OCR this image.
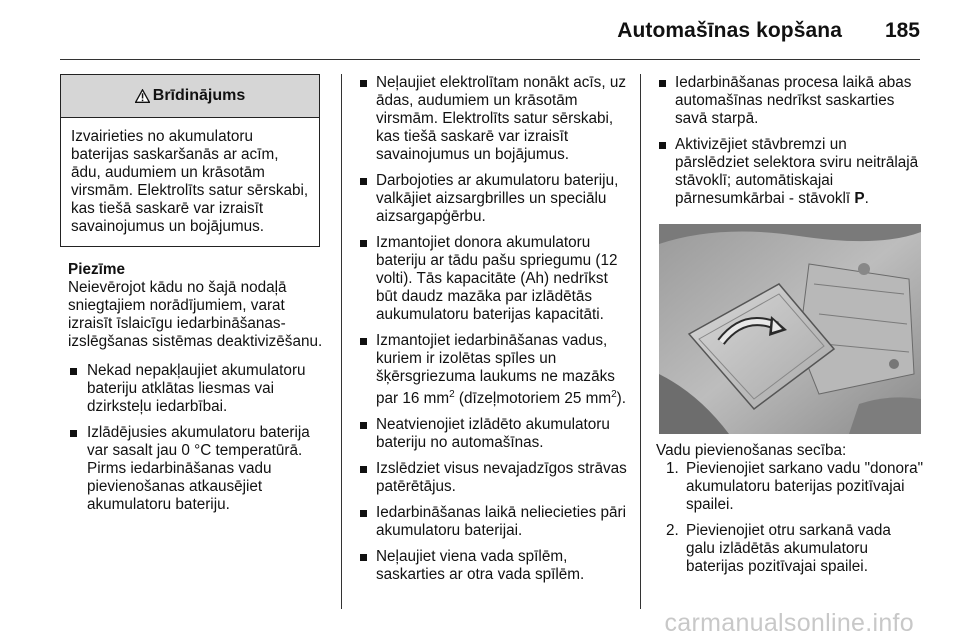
Automašīnas kopšana 185
Brīdinājums
Izvairieties no akumulatoru baterijas saskaršanās ar acīm, ādu, audumiem un krāsotām virsmām. Elektrolīts satur sērskabi, kas tiešā saskarē var izraisīt savainojumus un bojājumus.
Piezīme
Neievērojot kādu no šajā nodaļā sniegtajiem norādījumiem, varat izraisīt īslaicīgu iedarbināšanas-izslēgšanas sistēmas deaktivizēšanu.
Nekad nepakļaujiet akumulatoru bateriju atklātas liesmas vai dzirksteļu iedarbībai.
Izlādējusies akumulatoru baterija var sasalt jau 0 °C temperatūrā. Pirms iedarbināšanas vadu pievienošanas atkausējiet akumulatoru bateriju.
Neļaujiet elektrolītam nonākt acīs, uz ādas, audumiem un krāsotām virsmām. Elektrolīts satur sērskabi, kas tiešā saskarē var izraisīt savainojumus un bojājumus.
Darbojoties ar akumulatoru bateriju, valkājiet aizsargbrilles un speciālu aizsargapģērbu.
Izmantojiet donora akumulatoru bateriju ar tādu pašu spriegumu (12 volti). Tās kapacitāte (Ah) nedrīkst būt daudz mazāka par izlādētās aukumulatoru baterijas kapacitāti.
Izmantojiet iedarbināšanas vadus, kuriem ir izolētas spīles un šķērsgriezuma laukums ne mazāks par 16 $mm^2$ (dīzeļmotoriem 25 $mm^2$).
Neatvienojiet izlādēto akumulatoru bateriju no automašīnas.
Izslēdziet visus nevajadzīgos strāvas patērētājus.
Iedarbināšanas laikā neliecieties pāri akumulatoru baterijai.
Neļaujiet viena vada spīlēm, saskarties ar otra vada spīlēm.
Iedarbināšanas procesa laikā abas automašīnas nedrīkst saskarties savā starpā.
Aktivizējiet stāvbremzi un pārslēdziet selektora sviru neitrālajā stāvoklī; automātiskajai pārnesumkārbai - stāvoklī P.
Vadu pievienošanas secība:
1. Pievienojiet sarkano vadu "donora" akumulatoru baterijas pozitīvajai spailei.
2. Pievienojiet otru sarkanā vada galu izlādētās akumulatoru baterijas pozitīvajai spailei.
carmanualsonline.info
